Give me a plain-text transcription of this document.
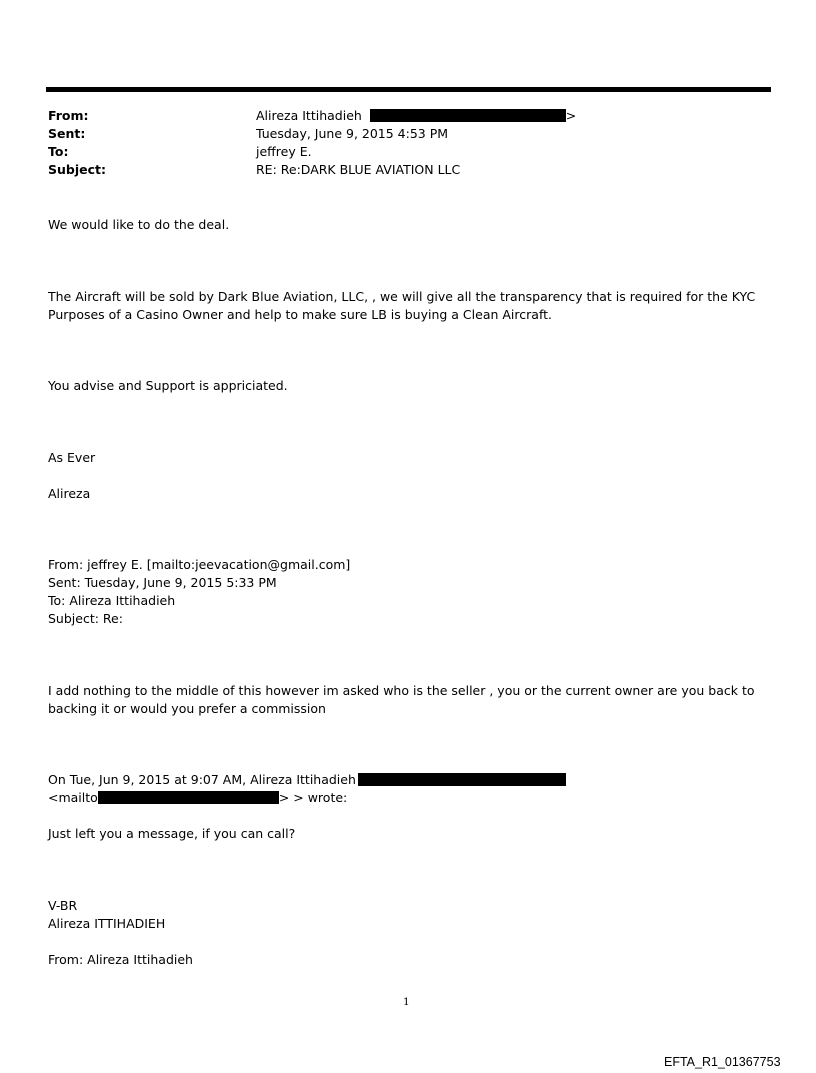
From:	Alireza Ittihadieh	>
Sent:	Tuesday, June 9, 2015 4:53 PM
To:	jeffrey E.
Subject:	RE: Re:DARK BLUE AVIATION LLC
We would like to do the deal.
The Aircraft will be sold by Dark Blue Aviation, LLC, , we will give all the transparency that is required for the KYC
Purposes of a Casino Owner and help to make sure LB is buying a Clean Aircraft.
You advise and Support is appriciated.
As Ever
Alireza
From: jeffrey E. [mailto:jeevacation@gmail.com]
Sent: Tuesday, June 9, 2015 5:33 PM
To: Alireza Ittihadieh
Subject: Re:
I add nothing to the middle of this however im asked who is the seller , you or the current owner are you back to
backing it or would you prefer a commission
On Tue, Jun 9, 2015 at 9:07 AM, Alireza Ittihadieh
<mailto	> > wrote:
Just left you a message, if you can call?
V-BR
Alireza ITTIHADIEH
From: Alireza Ittihadieh
1
EFTA_R1_01367753
